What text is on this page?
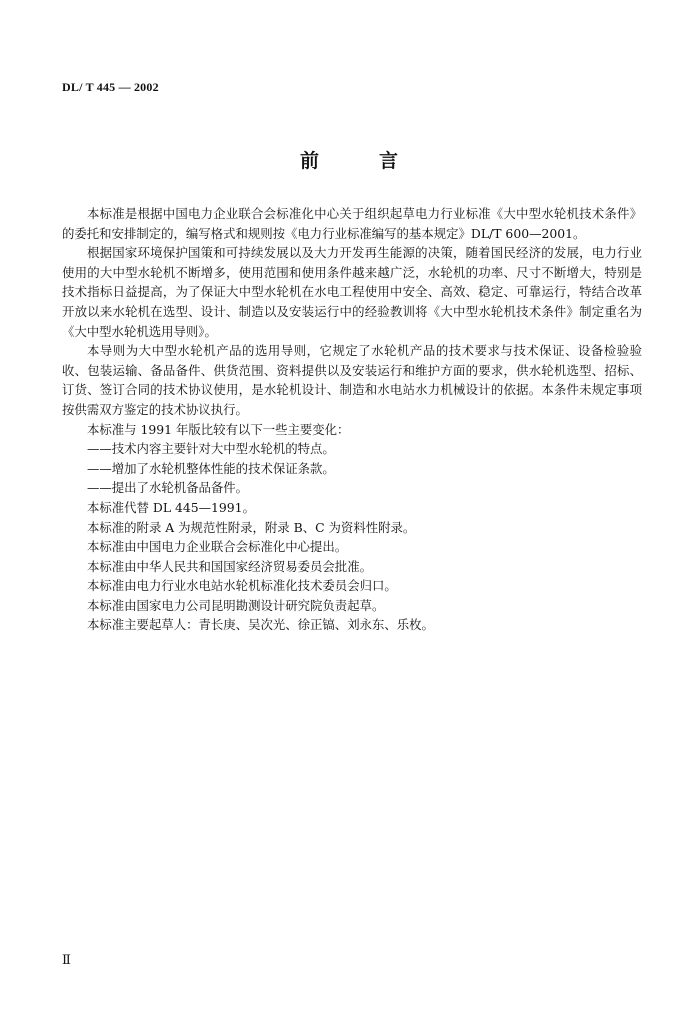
DL/ T 445 — 2002
前	言

本标准是根据中国电力企业联合会标准化中心关于组织起草电力行业标准《大中型水轮机技术条件》的委托和安排制定的，编写格式和规则按《电力行业标准编写的基本规定》DL/T 600—2001。

根据国家环境保护国策和可持续发展以及大力开发再生能源的决策，随着国民经济的发展，电力行业使用的大中型水轮机不断增多，使用范围和使用条件越来越广泛，水轮机的功率、尺寸不断增大，特别是技术指标日益提高，为了保证大中型水轮机在水电工程使用中安全、高效、稳定、可靠运行，特结合改革开放以来水轮机在选型、设计、制造以及安装运行中的经验教训将《大中型水轮机技术条件》制定重名为《大中型水轮机选用导则》。

本导则为大中型水轮机产品的选用导则，它规定了水轮机产品的技术要求与技术保证、设备检验验收、包装运输、备品备件、供货范围、资料提供以及安装运行和维护方面的要求，供水轮机选型、招标、订货、签订合同的技术协议使用，是水轮机设计、制造和水电站水力机械设计的依据。本条件未规定事项按供需双方鉴定的技术协议执行。

本标准与 1991 年版比较有以下一些主要变化：

——技术内容主要针对大中型水轮机的特点。

——增加了水轮机整体性能的技术保证条款。

——提出了水轮机备品备件。

本标准代替 DL 445—1991。

本标准的附录 A 为规范性附录，附录 B、C 为资料性附录。

本标准由中国电力企业联合会标准化中心提出。

本标准由中华人民共和国国家经济贸易委员会批准。

本标准由电力行业水电站水轮机标准化技术委员会归口。

本标准由国家电力公司昆明勘测设计研究院负责起草。

本标准主要起草人：青长庚、吴次光、徐正镐、刘永东、乐枚。

Ⅱ
